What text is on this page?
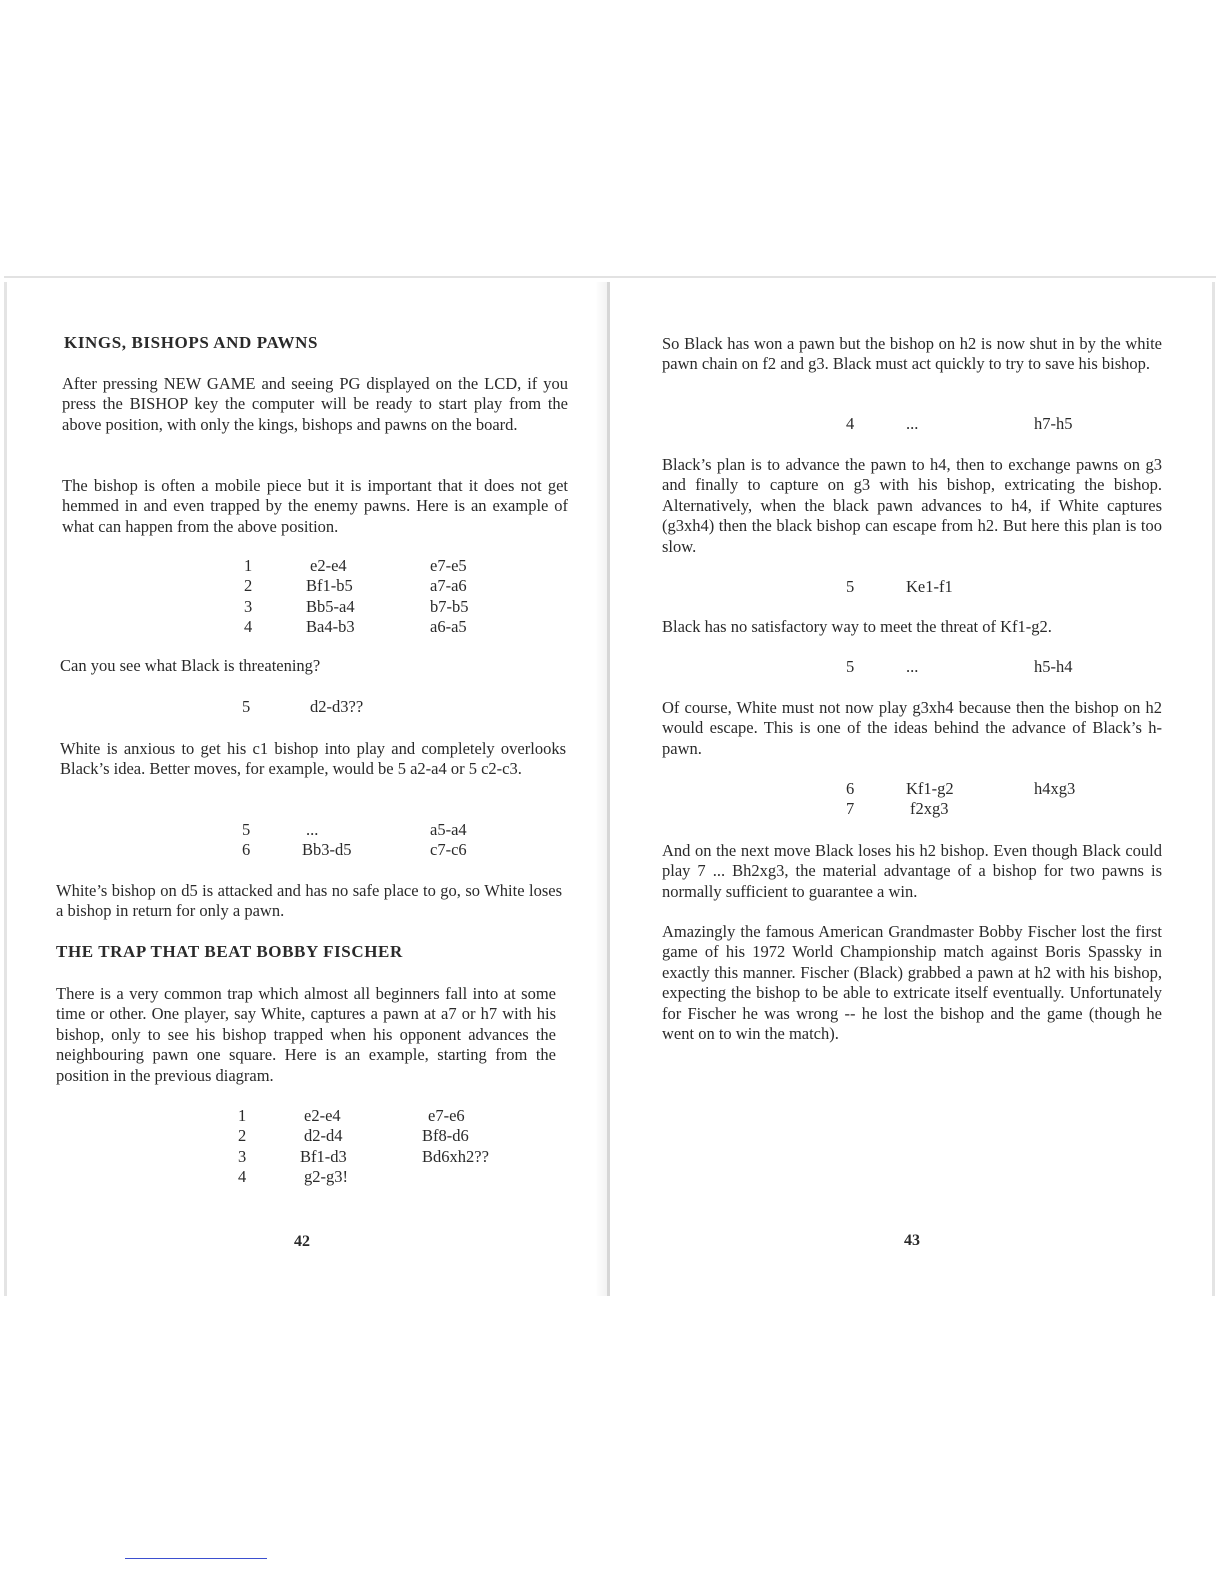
KINGS, BISHOPS AND PAWNS

After pressing NEW GAME and seeing PG displayed on the LCD, if you press the BISHOP key the computer will be ready to start play from the above position, with only the kings, bishops and pawns on the board.

The bishop is often a mobile piece but it is important that it does not get hemmed in and even trapped by the enemy pawns. Here is an example of what can happen from the above position.

1	e2-e4	e7-e5
2	Bf1-b5	a7-a6
3	Bb5-a4	b7-b5
4	Ba4-b3	a6-a5

Can you see what Black is threatening?

5	d2-d3??

White is anxious to get his c1 bishop into play and completely overlooks Black’s idea. Better moves, for example, would be 5 a2-a4 or 5 c2-c3.

5	...	a5-a4
6	Bb3-d5	c7-c6

White’s bishop on d5 is attacked and has no safe place to go, so White loses a bishop in return for only a pawn.

THE TRAP THAT BEAT BOBBY FISCHER

There is a very common trap which almost all beginners fall into at some time or other. One player, say White, captures a pawn at a7 or h7 with his bishop, only to see his bishop trapped when his opponent advances the neighbouring pawn one square. Here is an example, starting from the position in the previous diagram.

1	e2-e4	e7-e6
2	d2-d4	Bf8-d6
3	Bf1-d3	Bd6xh2??
4	g2-g3!
42

So Black has won a pawn but the bishop on h2 is now shut in by the white pawn chain on f2 and g3. Black must act quickly to try to save his bishop.

4	...	h7-h5

Black’s plan is to advance the pawn to h4, then to exchange pawns on g3 and finally to capture on g3 with his bishop, extricating the bishop. Alternatively, when the black pawn advances to h4, if White captures (g3xh4) then the black bishop can escape from h2. But here this plan is too slow.

5	Ke1-f1

Black has no satisfactory way to meet the threat of Kf1-g2.

5	...	h5-h4

Of course, White must not now play g3xh4 because then the bishop on h2 would escape. This is one of the ideas behind the advance of Black’s h-pawn.

6	Kf1-g2	h4xg3
7	f2xg3

And on the next move Black loses his h2 bishop. Even though Black could play 7 ... Bh2xg3, the material advantage of a bishop for two pawns is normally sufficient to guarantee a win.

Amazingly the famous American Grandmaster Bobby Fischer lost the first game of his 1972 World Championship match against Boris Spassky in exactly this manner. Fischer (Black) grabbed a pawn at h2 with his bishop, expecting the bishop to be able to extricate itself eventually. Unfortunately for Fischer he was wrong -- he lost the bishop and the game (though he went on to win the match).

43
